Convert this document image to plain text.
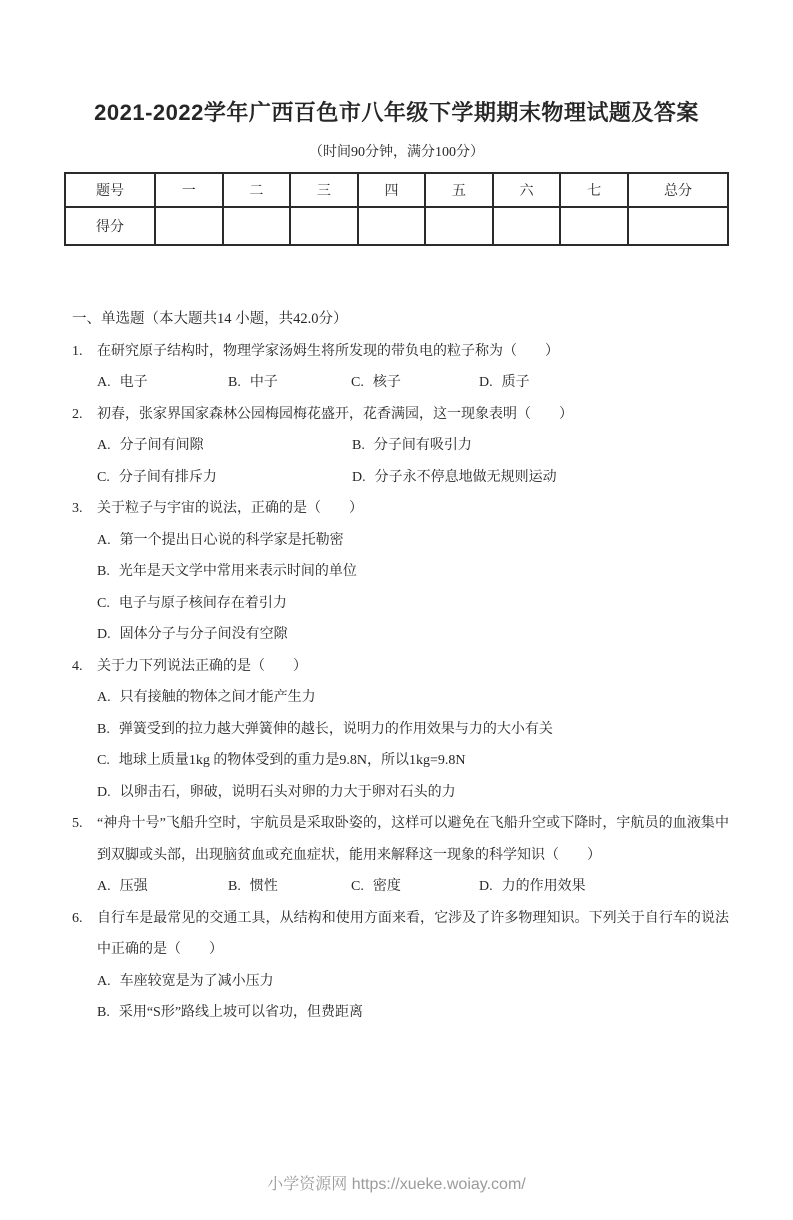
2021-2022学年广西百色市八年级下学期期末物理试题及答案
（时间90分钟，满分100分）
题号	一	二	三	四	五	六	七	总分
得分								
一、单选题（本大题共14 小题，共42.0分）
1.	在研究原子结构时，物理学家汤姆生将所发现的带负电的粒子称为（　　）
A. 电子	B. 中子	C. 核子	D. 质子
2.	初春，张家界国家森林公园梅园梅花盛开，花香满园，这一现象表明（　　）
A. 分子间有间隙	B. 分子间有吸引力
C. 分子间有排斥力	D. 分子永不停息地做无规则运动
3.	关于粒子与宇宙的说法，正确的是（　　）
A. 第一个提出日心说的科学家是托勒密
B. 光年是天文学中常用来表示时间的单位
C. 电子与原子核间存在着引力
D. 固体分子与分子间没有空隙
4.	关于力下列说法正确的是（　　）
A. 只有接触的物体之间才能产生力
B. 弹簧受到的拉力越大弹簧伸的越长，说明力的作用效果与力的大小有关
C. 地球上质量1kg 的物体受到的重力是9.8N，所以1kg=9.8N
D. 以卵击石，卵破，说明石头对卵的力大于卵对石头的力
5.	“神舟十号”飞船升空时，宇航员是采取卧姿的，这样可以避免在飞船升空或下降时，宇航员的血液集中到双脚或头部，出现脑贫血或充血症状，能用来解释这一现象的科学知识（　　）
A. 压强	B. 惯性	C. 密度	D. 力的作用效果
6.	自行车是最常见的交通工具，从结构和使用方面来看，它涉及了许多物理知识。下列关于自行车的说法中正确的是（　　）
A. 车座较宽是为了减小压力
B. 采用“S形”路线上坡可以省功，但费距离
小学资源网 https://xueke.woiay.com/
